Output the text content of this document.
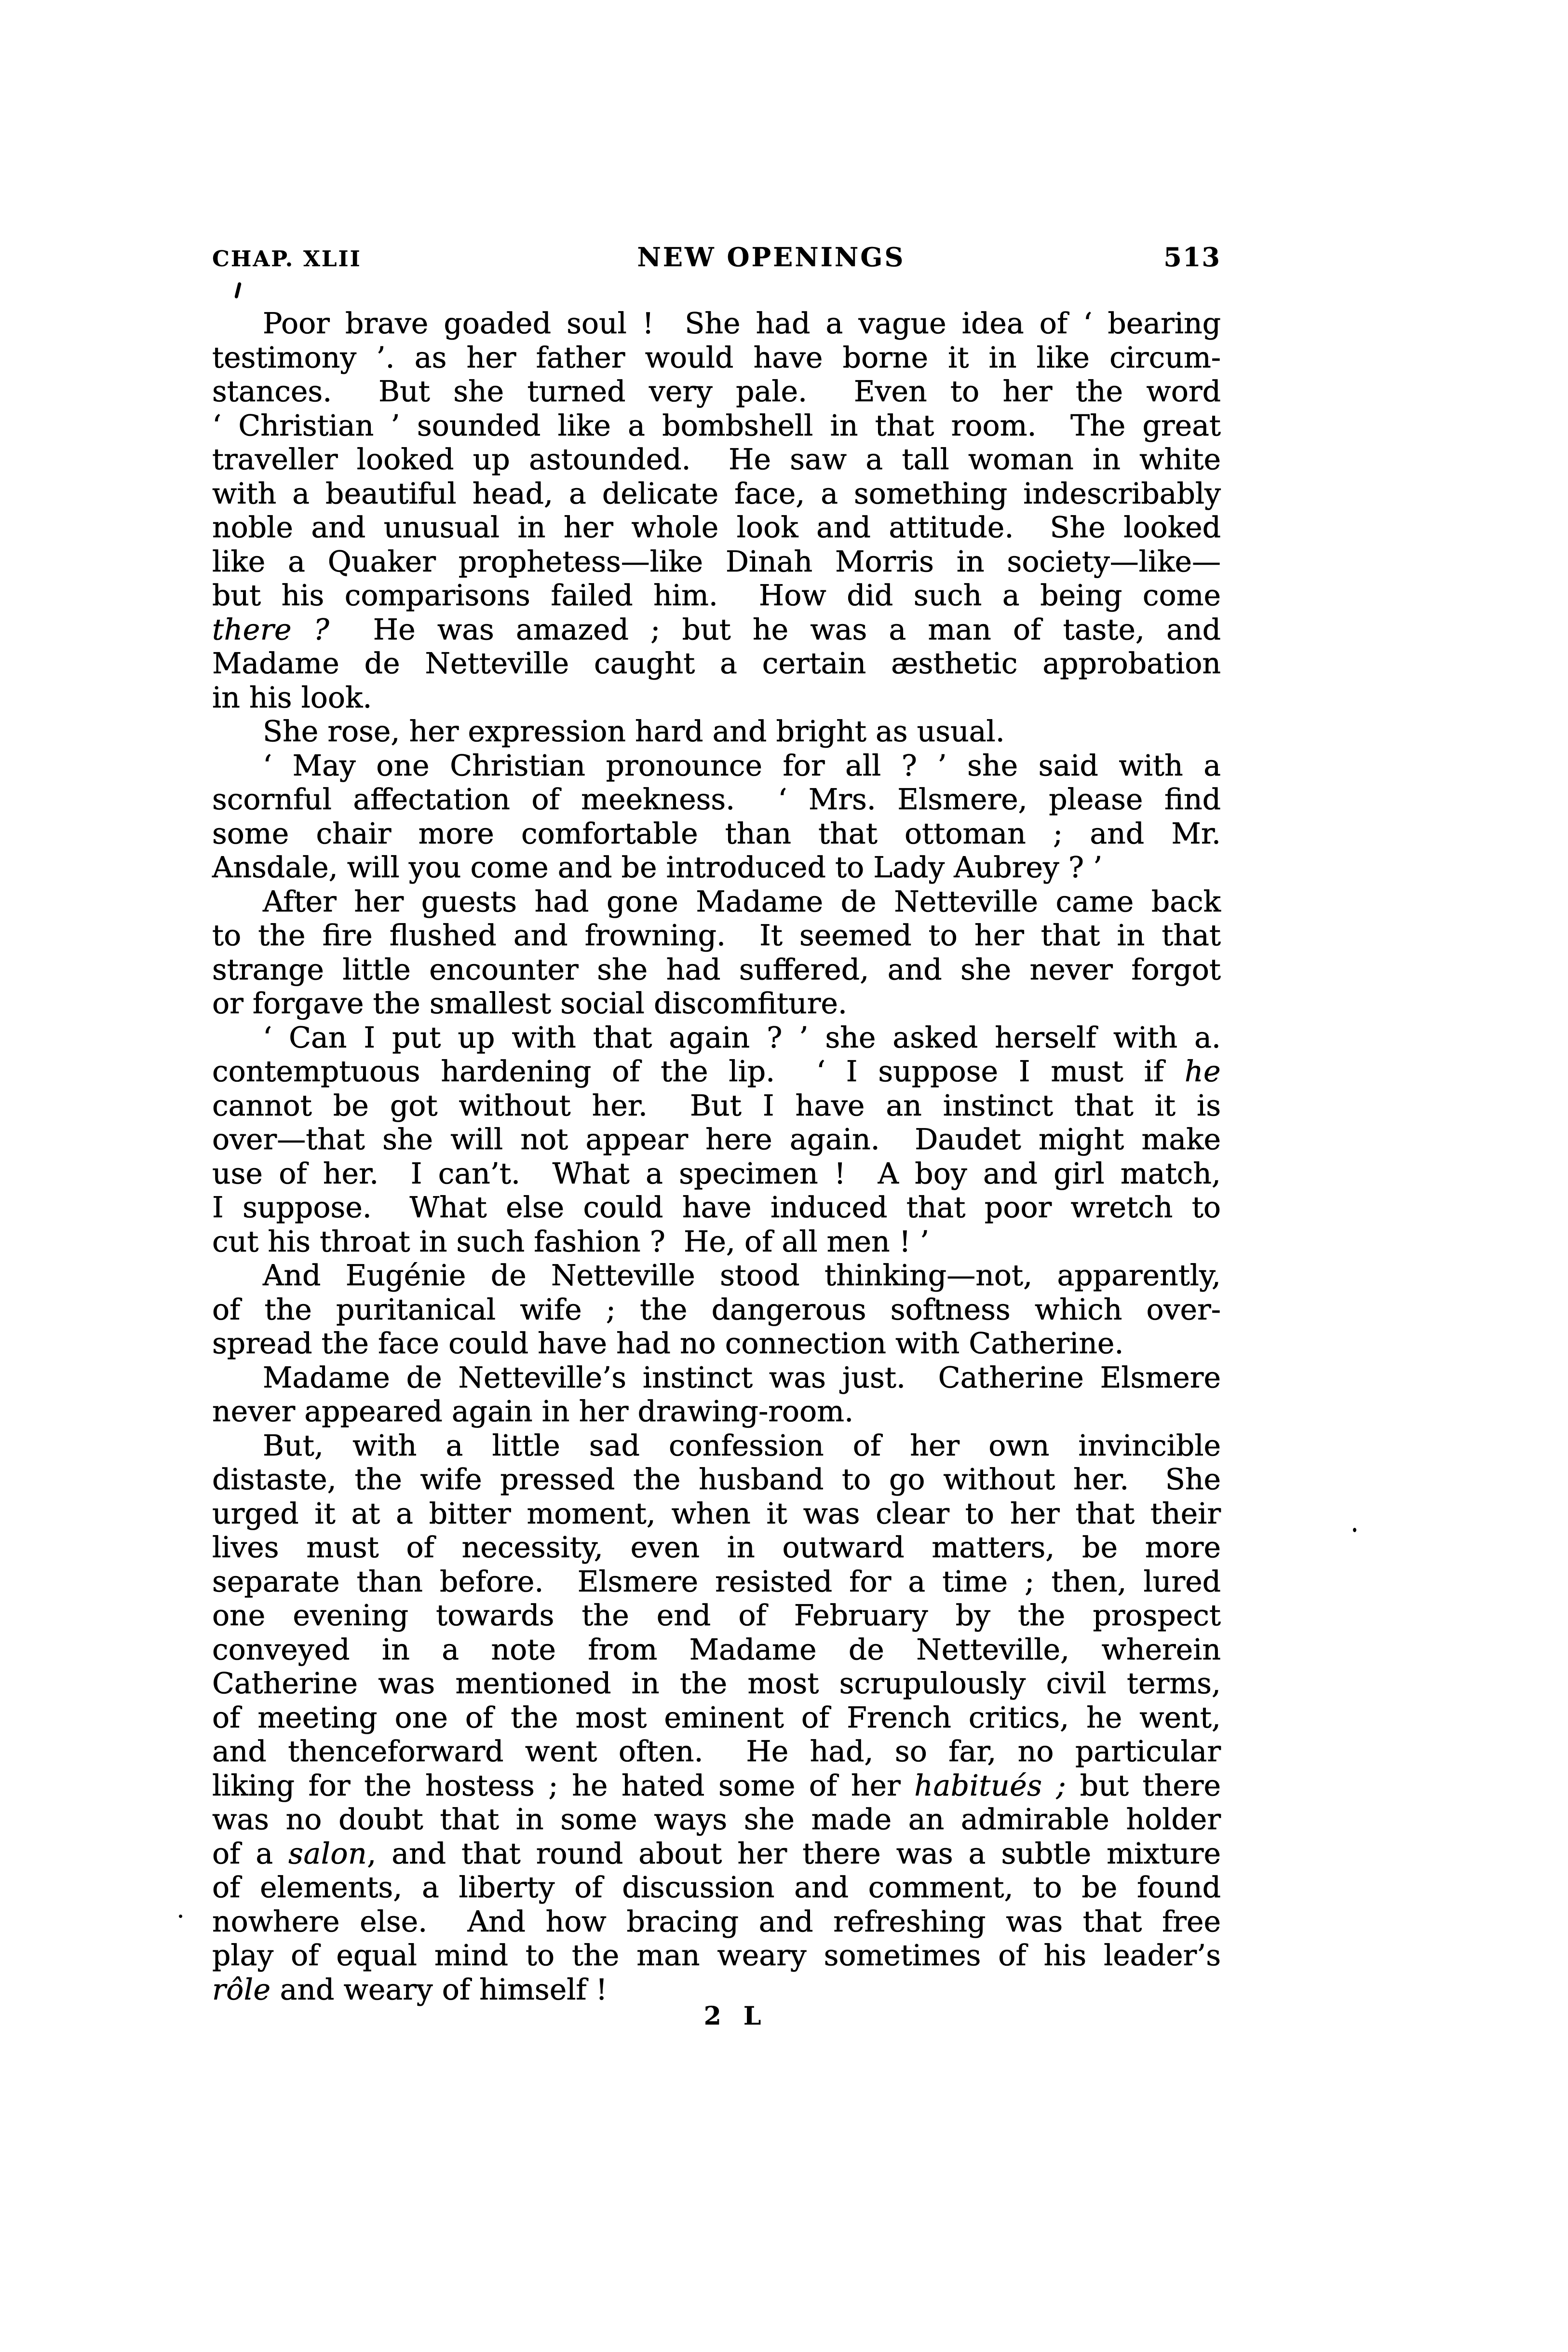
CHAP. XLII	NEW OPENINGS	513
Poor brave goaded soul !  She had a vague idea of ‘ bearing
testimony ’. as her father would have borne it in like circum-
stances.  But she turned very pale.  Even to her the word
‘ Christian ’ sounded like a bombshell in that room.  The great
traveller looked up astounded.  He saw a tall woman in white
with a beautiful head, a delicate face, a something indescribably
noble and unusual in her whole look and attitude.  She looked
like a Quaker prophetess—like Dinah Morris in society—like—
but his comparisons failed him.  How did such a being come
there ?  He was amazed ; but he was a man of taste, and
Madame de Netteville caught a certain æsthetic approbation
in his look.
She rose, her expression hard and bright as usual.
‘ May one Christian pronounce for all ? ’ she said with a
scornful affectation of meekness.  ‘ Mrs. Elsmere, please find
some chair more comfortable than that ottoman ; and Mr.
Ansdale, will you come and be introduced to Lady Aubrey ? ’
After her guests had gone Madame de Netteville came back
to the fire flushed and frowning.  It seemed to her that in that
strange little encounter she had suffered, and she never forgot
or forgave the smallest social discomfiture.
‘ Can I put up with that again ? ’ she asked herself with a.
contemptuous hardening of the lip.  ‘ I suppose I must if he
cannot be got without her.  But I have an instinct that it is
over—that she will not appear here again.  Daudet might make
use of her.  I can’t.  What a specimen !  A boy and girl match,
I suppose.  What else could have induced that poor wretch to
cut his throat in such fashion ?  He, of all men ! ’
And Eugénie de Netteville stood thinking—not, apparently,
of the puritanical wife ; the dangerous softness which over-
spread the face could have had no connection with Catherine.
Madame de Netteville’s instinct was just.  Catherine Elsmere
never appeared again in her drawing-room.
But, with a little sad confession of her own invincible
distaste, the wife pressed the husband to go without her.  She
urged it at a bitter moment, when it was clear to her that their
lives must of necessity, even in outward matters, be more
separate than before.  Elsmere resisted for a time ; then, lured
one evening towards the end of February by the prospect
conveyed in a note from Madame de Netteville, wherein
Catherine was mentioned in the most scrupulously civil terms,
of meeting one of the most eminent of French critics, he went,
and thenceforward went often.  He had, so far, no particular
liking for the hostess ; he hated some of her habitués ; but there
was no doubt that in some ways she made an admirable holder
of a salon, and that round about her there was a subtle mixture
of elements, a liberty of discussion and comment, to be found
nowhere else.  And how bracing and refreshing was that free
play of equal mind to the man weary sometimes of his leader’s
rôle and weary of himself !
2 L
